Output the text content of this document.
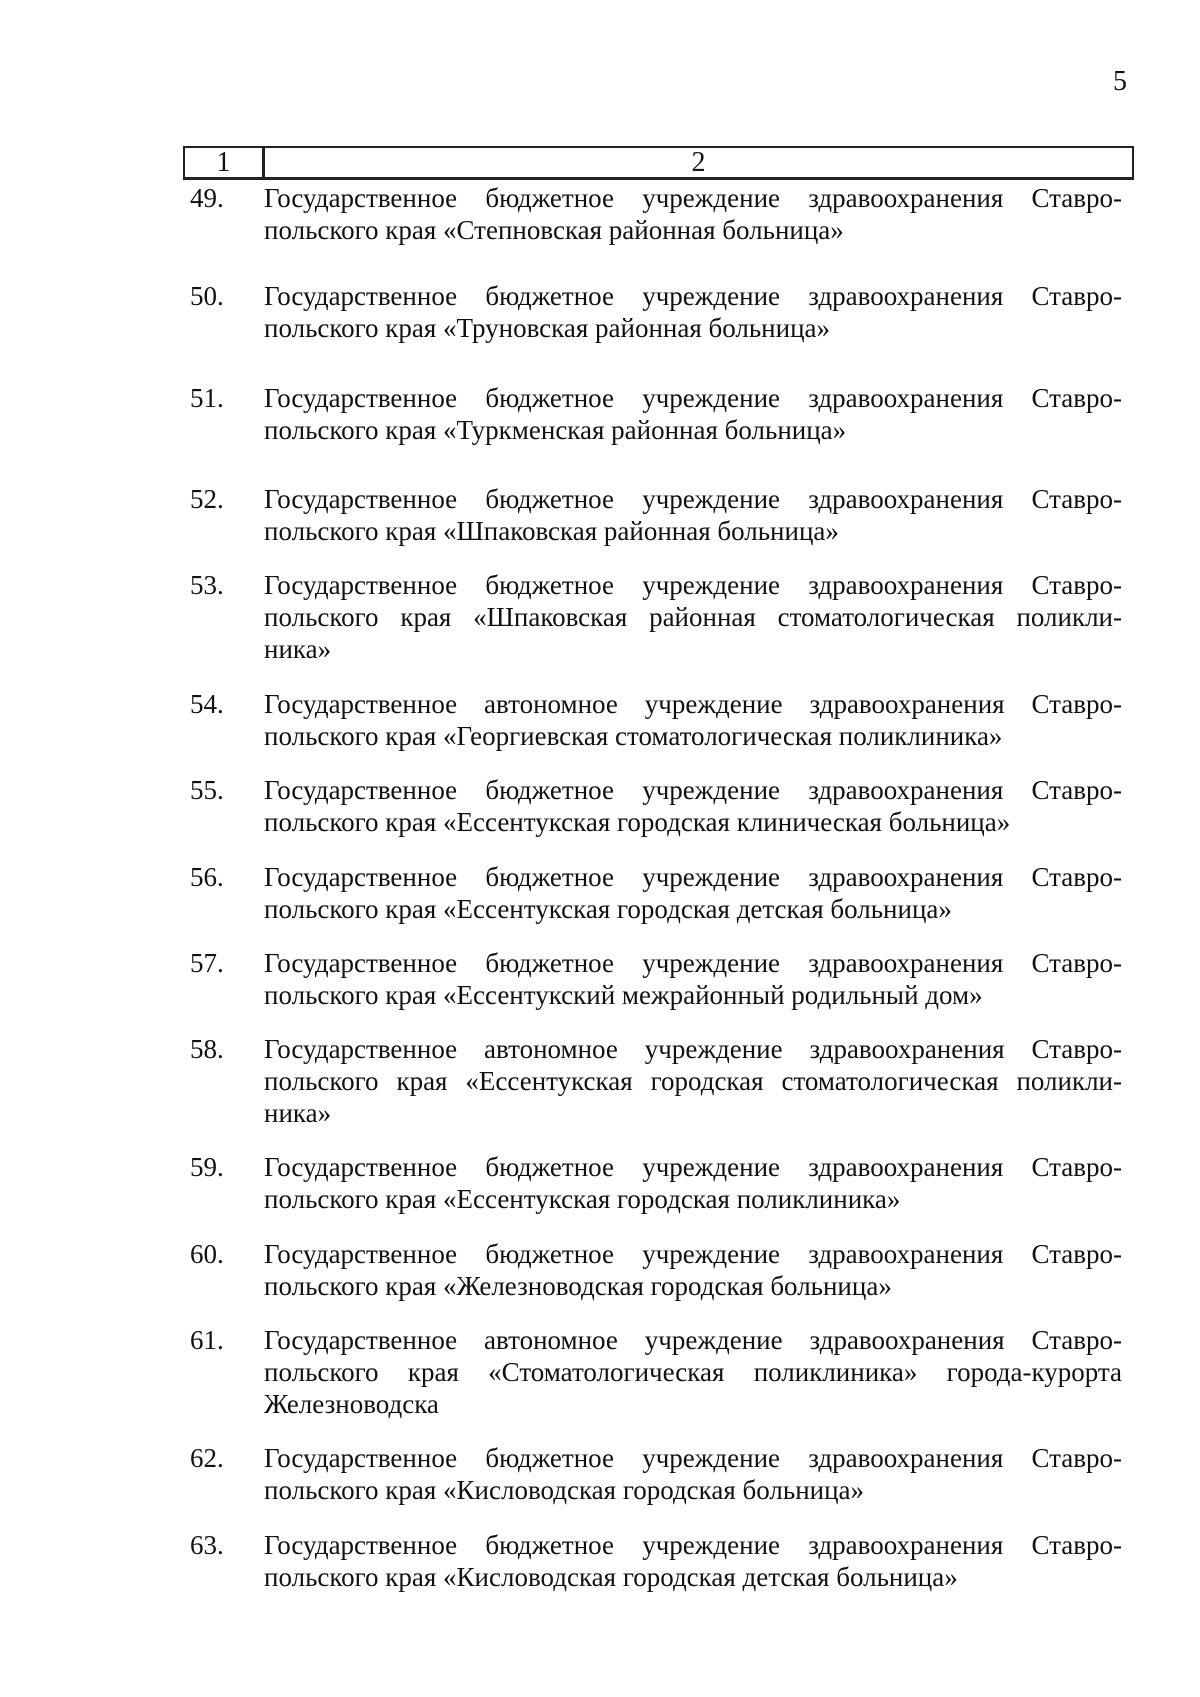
5
1	2
49.	Государственное бюджетное учреждение здравоохранения Ставро-
польского края «Степновская районная больница»
50.	Государственное бюджетное учреждение здравоохранения Ставро-
польского края «Труновская районная больница»
51.	Государственное бюджетное учреждение здравоохранения Ставро-
польского края «Туркменская районная больница»
52.	Государственное бюджетное учреждение здравоохранения Ставро-
польского края «Шпаковская районная больница»
53.	Государственное бюджетное учреждение здравоохранения Ставро-
польского края «Шпаковская районная стоматологическая поликли-
ника»
54.	Государственное автономное учреждение здравоохранения Ставро-
польского края «Георгиевская стоматологическая поликлиника»
55.	Государственное бюджетное учреждение здравоохранения Ставро-
польского края «Ессентукская городская клиническая больница»
56.	Государственное бюджетное учреждение здравоохранения Ставро-
польского края «Ессентукская городская детская больница»
57.	Государственное бюджетное учреждение здравоохранения Ставро-
польского края «Ессентукский межрайонный родильный дом»
58.	Государственное автономное учреждение здравоохранения Ставро-
польского края «Ессентукская городская стоматологическая поликли-
ника»
59.	Государственное бюджетное учреждение здравоохранения Ставро-
польского края «Ессентукская городская поликлиника»
60.	Государственное бюджетное учреждение здравоохранения Ставро-
польского края «Железноводская городская больница»
61.	Государственное автономное учреждение здравоохранения Ставро-
польского края «Стоматологическая поликлиника» города-курорта
Железноводска
62.	Государственное бюджетное учреждение здравоохранения Ставро-
польского края «Кисловодская городская больница»
63.	Государственное бюджетное учреждение здравоохранения Ставро-
польского края «Кисловодская городская детская больница»
